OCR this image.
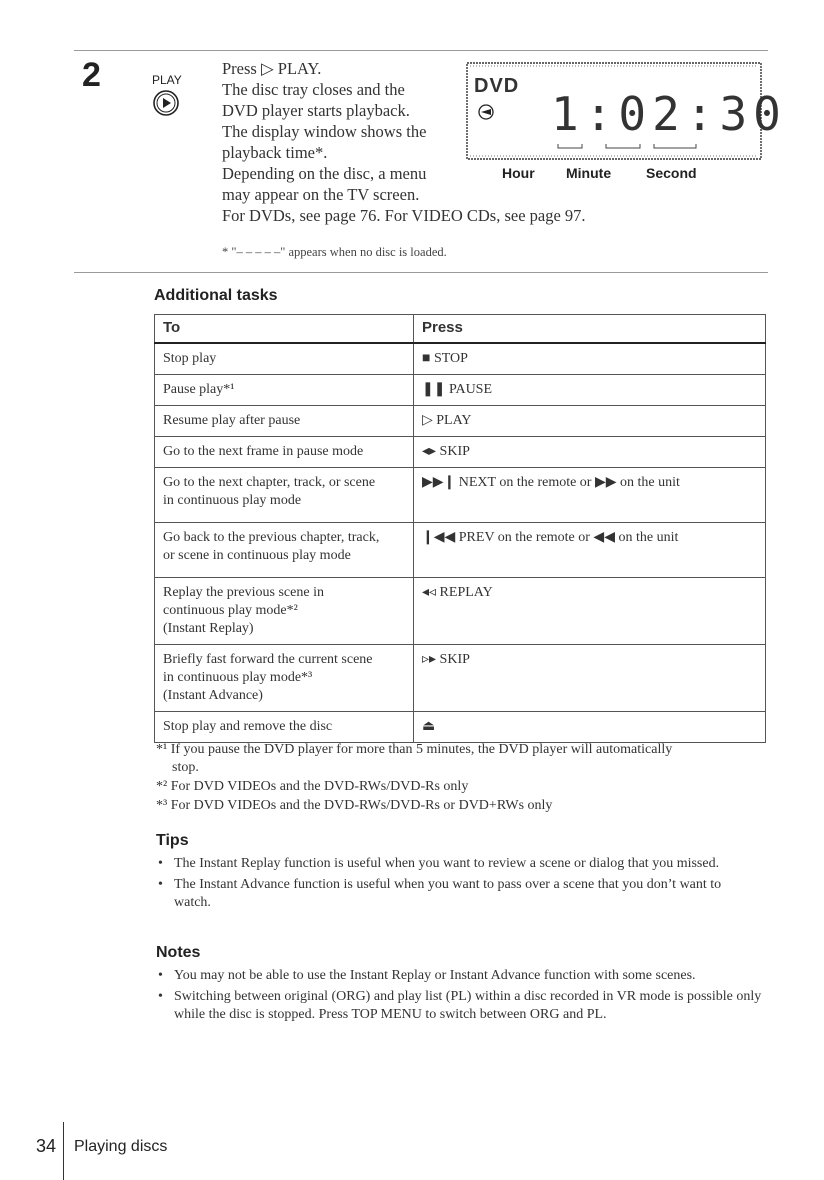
2	PLAY
Press ▷ PLAY.
The disc tray closes and the
DVD player starts playback.
The display window shows the
playback time*.
Depending on the disc, a menu
may appear on the TV screen.
For DVDs, see page 76. For VIDEO CDs, see page 97.
* "– – – – –" appears when no disc is loaded.
DVD
1:02:30
Hour Minute Second
Additional tasks
To	Press

Stop play	■ STOP

Pause play*¹	❚❚ PAUSE

Resume play after pause	▷ PLAY

Go to the next frame in pause mode	◂▸ SKIP

Go to the next chapter, track, or scene
in continuous play mode	▶▶❙ NEXT on the remote or ▶▶ on the unit

Go back to the previous chapter, track,
or scene in continuous play mode	❙◀◀ PREV on the remote or ◀◀ on the unit

Replay the previous scene in
continuous play mode*²
(Instant Replay)	◂◃ REPLAY

Briefly fast forward the current scene
in continuous play mode*³
(Instant Advance)	▹▸ SKIP

Stop play and remove the disc	⏏
*¹ If you pause the DVD player for more than 5 minutes, the DVD player will automatically
stop.
*² For DVD VIDEOs and the DVD-RWs/DVD-Rs only
*³ For DVD VIDEOs and the DVD-RWs/DVD-Rs or DVD+RWs only
Tips
• The Instant Replay function is useful when you want to review a scene or dialog that you missed.
• The Instant Advance function is useful when you want to pass over a scene that you don’t want to watch.
Notes
• You may not be able to use the Instant Replay or Instant Advance function with some scenes.
• Switching between original (ORG) and play list (PL) within a disc recorded in VR mode is possible only while the disc is stopped. Press TOP MENU to switch between ORG and PL.
34 Playing discs
